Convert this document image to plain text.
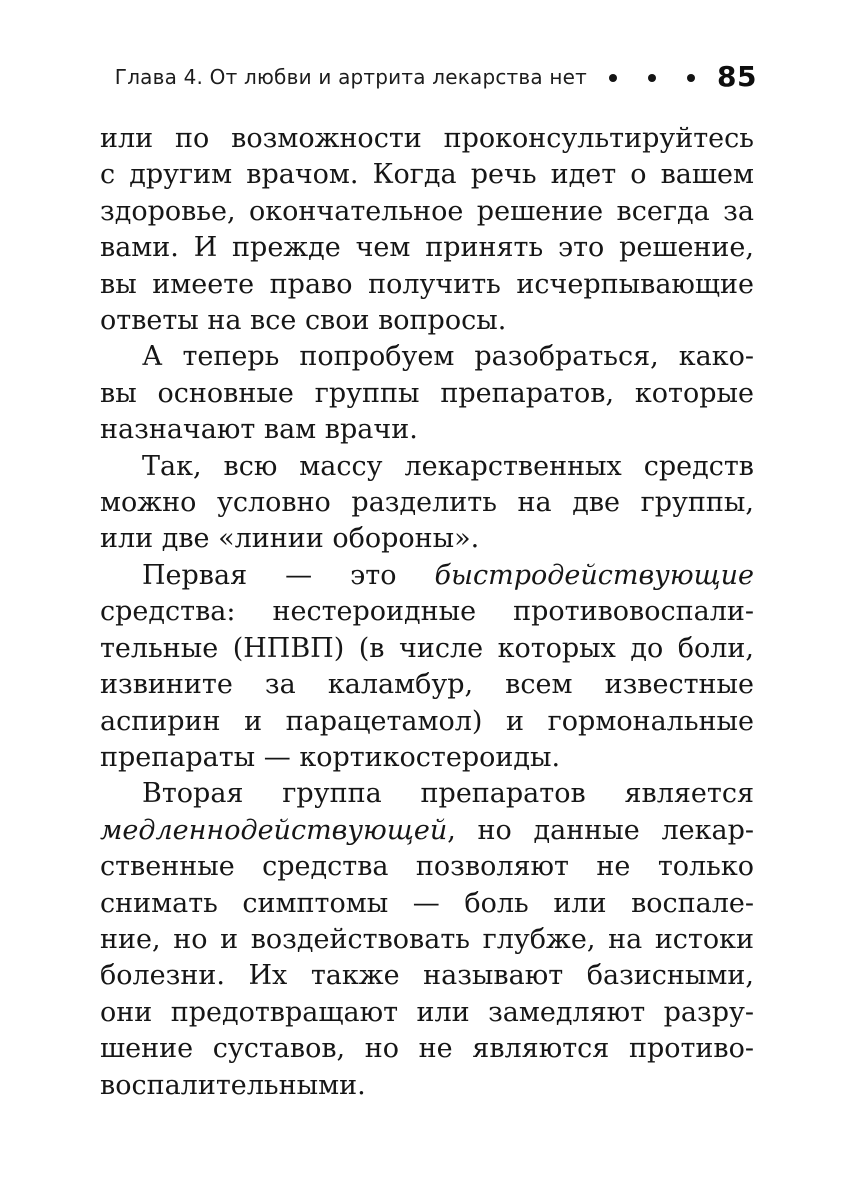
Глава 4. От любви и артрита лекарства нет	85
или по возможности проконсультируйтесь
с другим врачом. Когда речь идет о вашем
здоровье, окончательное решение всегда за
вами. И прежде чем принять это решение,
вы имеете право получить исчерпывающие
ответы на все свои вопросы.
А теперь попробуем разобраться, како-
вы основные группы препаратов, которые
назначают вам врачи.
Так, всю массу лекарственных средств
можно условно разделить на две группы,
или две «линии обороны».
Первая — это быстродействующие
средства: нестероидные противовоспали-
тельные (НПВП) (в числе которых до боли,
извините за каламбур, всем известные
аспирин и парацетамол) и гормональные
препараты — кортикостероиды.
Вторая группа препаратов является
медленнодействующей, но данные лекар-
ственные средства позволяют не только
снимать симптомы — боль или воспале-
ние, но и воздействовать глубже, на истоки
болезни. Их также называют базисными,
они предотвращают или замедляют разру-
шение суставов, но не являются противо-
воспалительными.
